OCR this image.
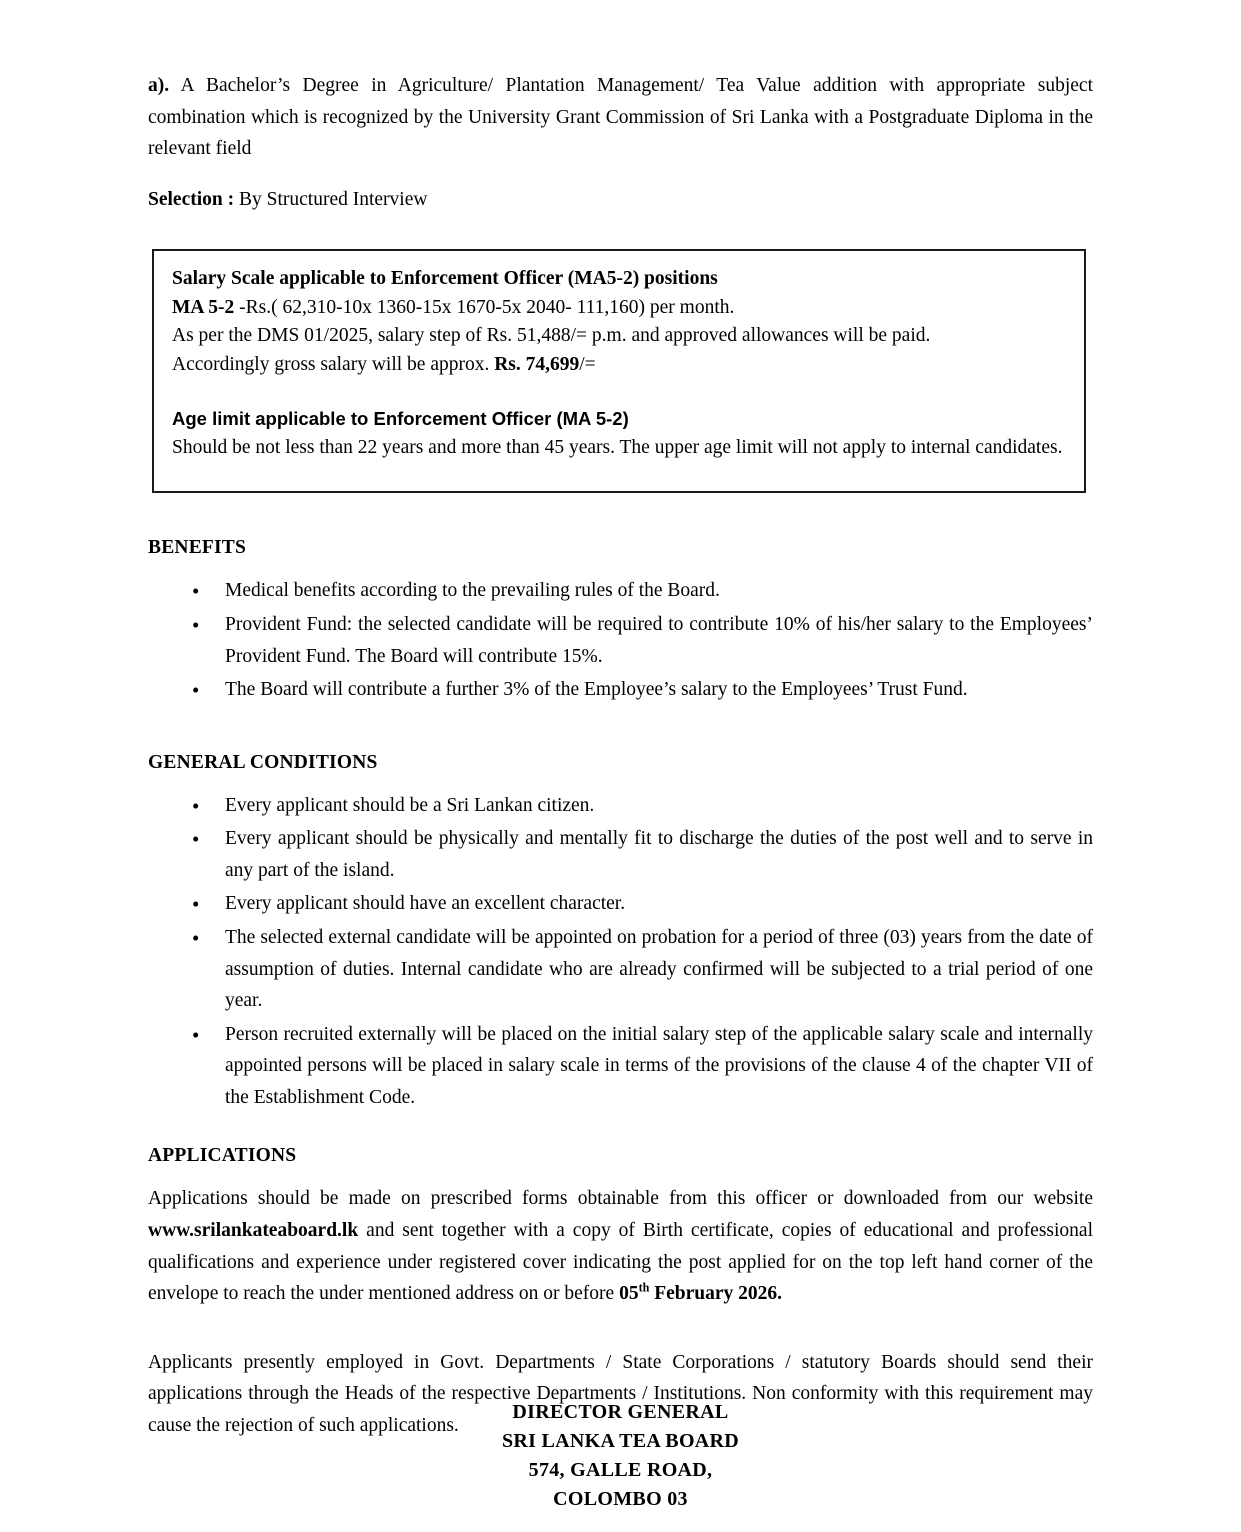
a). A Bachelor’s Degree in Agriculture/ Plantation Management/ Tea Value addition with appropriate subject combination which is recognized by the University Grant Commission of Sri Lanka with a Postgraduate Diploma in the relevant field

Selection : By Structured Interview

Salary Scale applicable to Enforcement Officer (MA5-2) positions

MA 5-2 -Rs.( 62,310-10x 1360-15x 1670-5x 2040- 111,160) per month.

As per the DMS 01/2025, salary step of Rs. 51,488/= p.m. and approved allowances will be paid.

Accordingly gross salary will be approx. Rs. 74,699/=

Age limit applicable to Enforcement Officer (MA 5-2)

Should be not less than 22 years and more than 45 years. The upper age limit will not apply to internal candidates.

BENEFITS

• Medical benefits according to the prevailing rules of the Board.
• Provident Fund: the selected candidate will be required to contribute 10% of his/her salary to the Employees’ Provident Fund. The Board will contribute 15%.
• The Board will contribute a further 3% of the Employee’s salary to the Employees’ Trust Fund.

GENERAL CONDITIONS

• Every applicant should be a Sri Lankan citizen.
• Every applicant should be physically and mentally fit to discharge the duties of the post well and to serve in any part of the island.
• Every applicant should have an excellent character.
• The selected external candidate will be appointed on probation for a period of three (03) years from the date of assumption of duties. Internal candidate who are already confirmed will be subjected to a trial period of one year.
• Person recruited externally will be placed on the initial salary step of the applicable salary scale and internally appointed persons will be placed in salary scale in terms of the provisions of the clause 4 of the chapter VII of the Establishment Code.

APPLICATIONS

Applications should be made on prescribed forms obtainable from this officer or downloaded from our website www.srilankateaboard.lk and sent together with a copy of Birth certificate, copies of educational and professional qualifications and experience under registered cover indicating the post applied for on the top left hand corner of the envelope to reach the under mentioned address on or before 05th February 2026.

Applicants presently employed in Govt. Departments / State Corporations / statutory Boards should send their applications through the Heads of the respective Departments / Institutions. Non conformity with this requirement may cause the rejection of such applications.

DIRECTOR GENERAL
SRI LANKA TEA BOARD
574, GALLE ROAD,
COLOMBO 03
